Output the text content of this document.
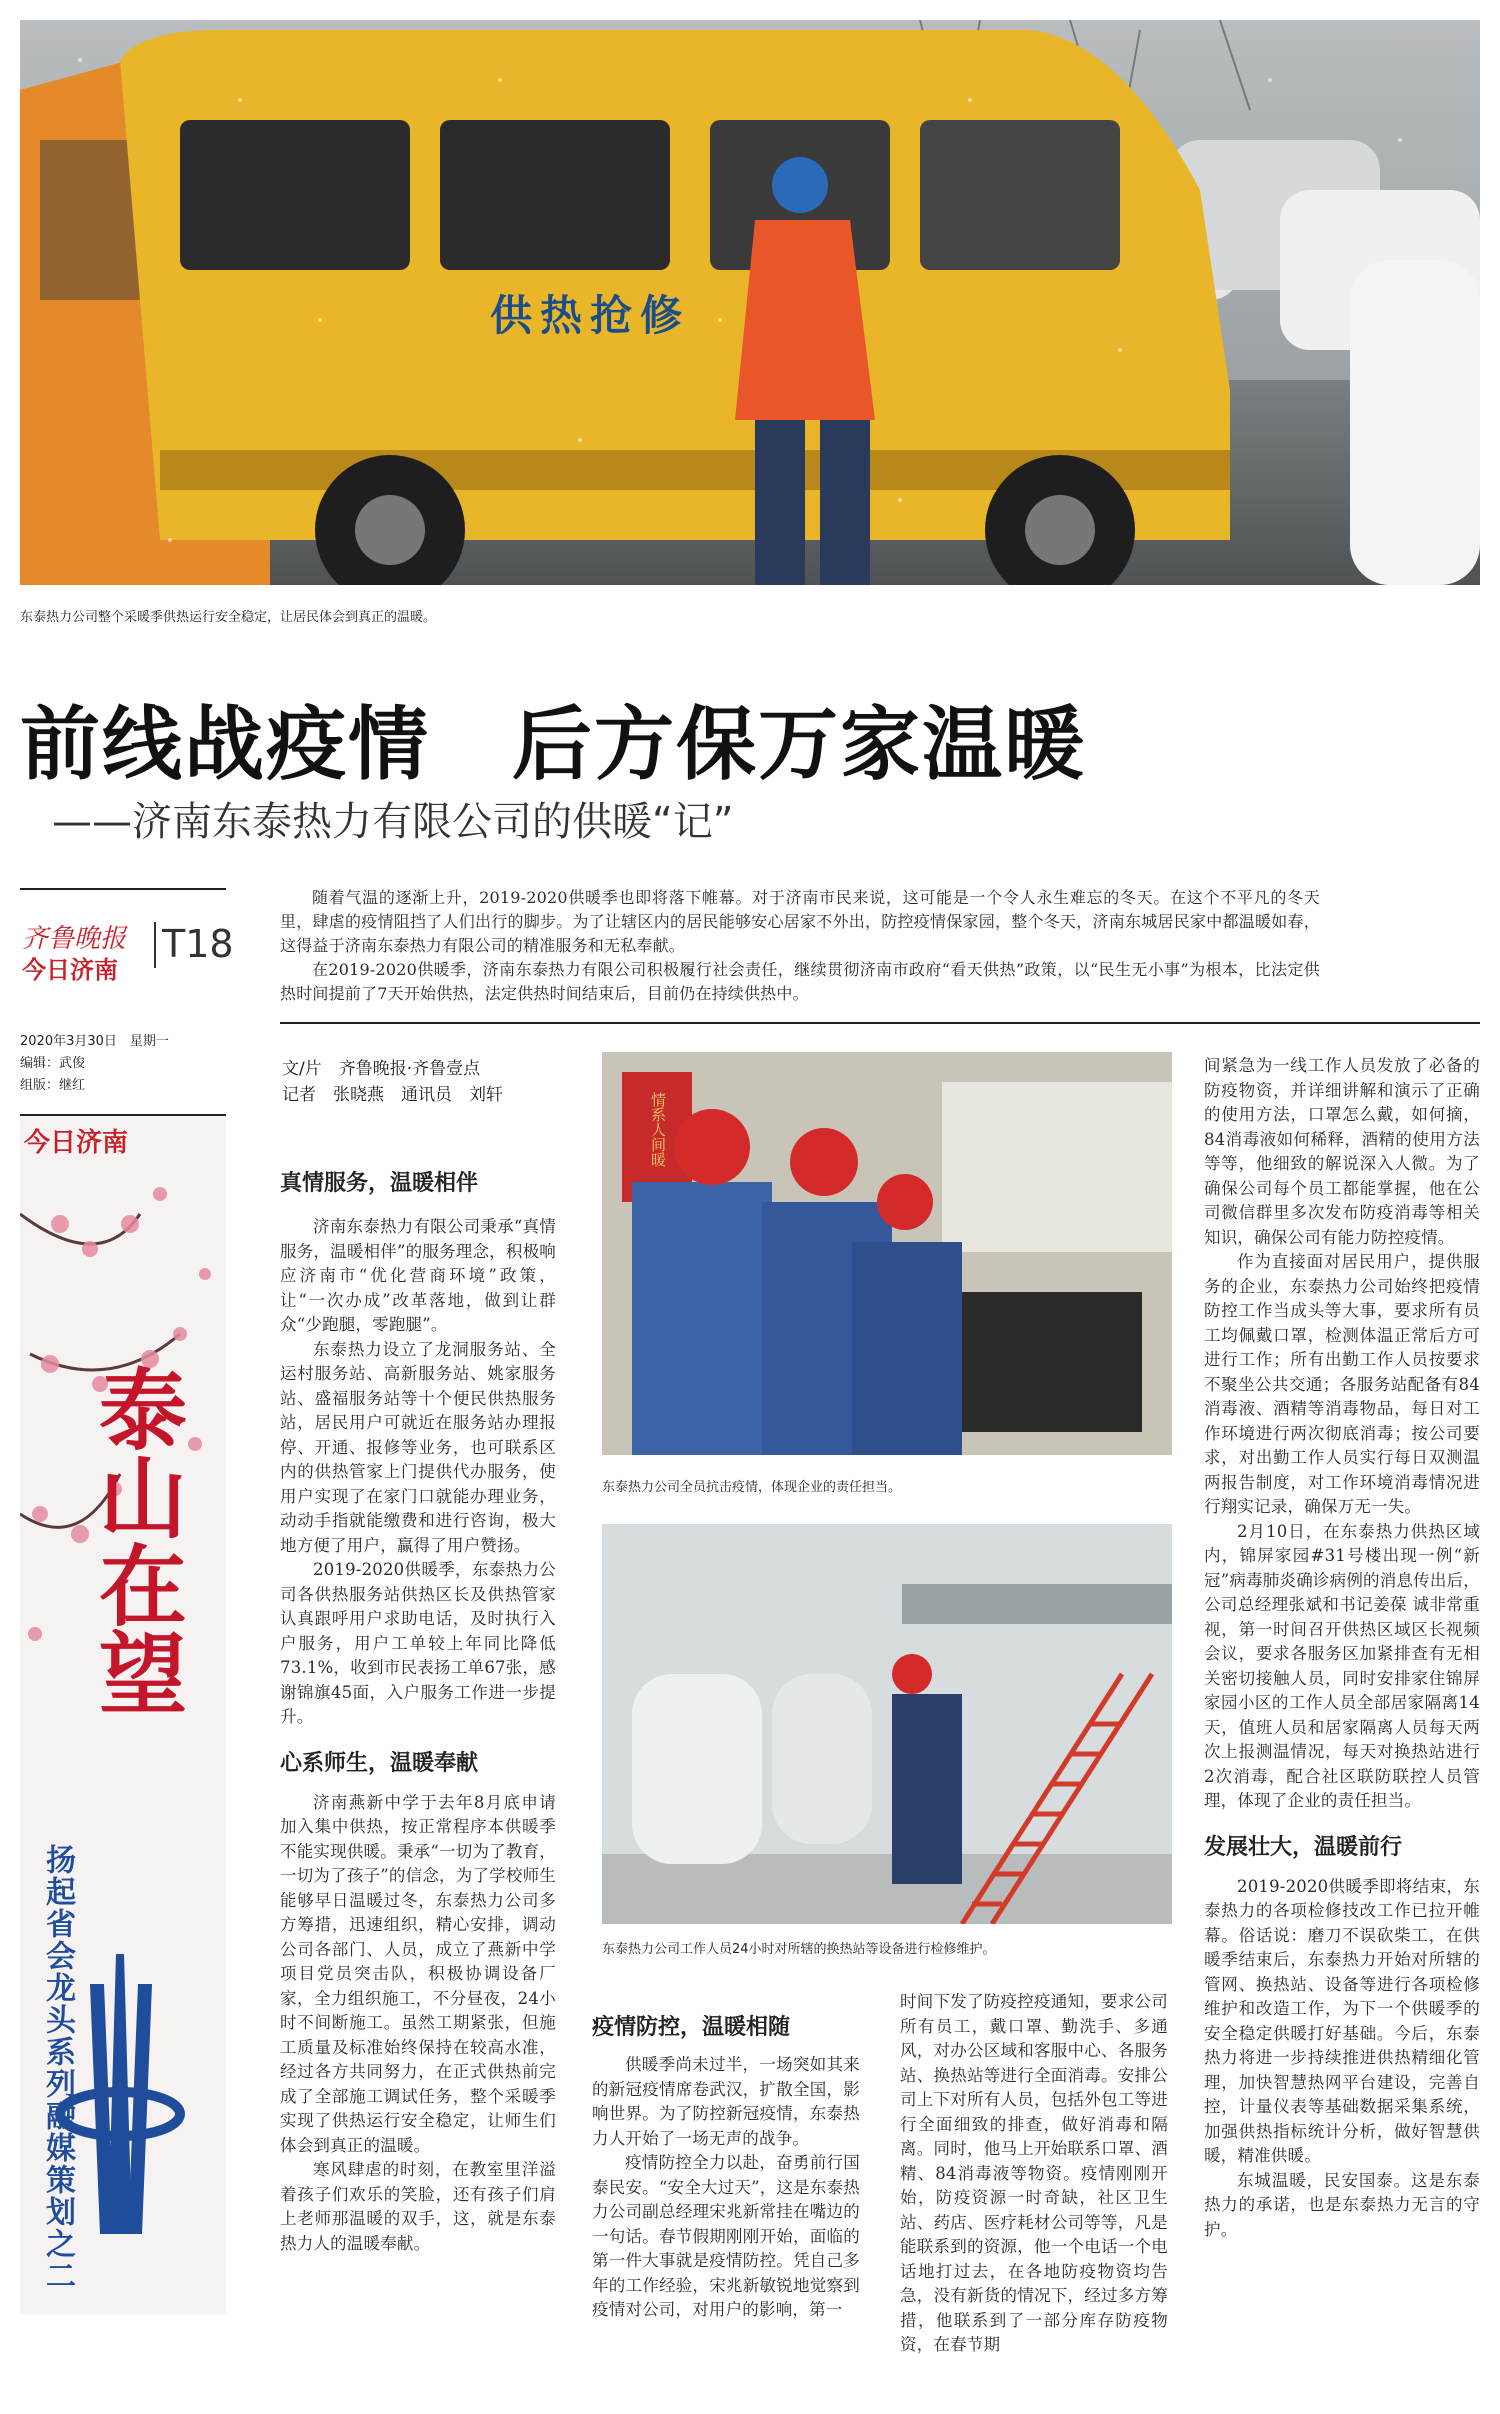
供热抢修
东泰热力公司整个采暖季供热运行安全稳定，让居民体会到真正的温暖。
前线战疫情　后方保万家温暖
——济南东泰热力有限公司的供暖“记”
齐鲁晚报
今日济南
T18
2020年3月30日　星期一
编辑：武俊
组版：继红
今日济南
泰山在望
扬起省会龙头系列融媒策划之二

随着气温的逐渐上升，2019-2020供暖季也即将落下帷幕。对于济南市民来说，这可能是一个令人永生难忘的冬天。在这个不平凡的冬天里，肆虐的疫情阻挡了人们出行的脚步。为了让辖区内的居民能够安心居家不外出，防控疫情保家园，整个冬天，济南东城居民家中都温暖如春，这得益于济南东泰热力有限公司的精准服务和无私奉献。

在2019-2020供暖季，济南东泰热力有限公司积极履行社会责任，继续贯彻济南市政府“看天供热”政策，以“民生无小事”为根本，比法定供热时间提前了7天开始供热，法定供热时间结束后，目前仍在持续供热中。

文/片　齐鲁晚报·齐鲁壹点
记者　张晓燕　通讯员　刘轩
真情服务，温暖相伴

济南东泰热力有限公司秉承“真情服务，温暖相伴”的服务理念，积极响应济南市“优化营商环境”政策，让“一次办成”改革落地，做到让群众“少跑腿，零跑腿”。

东泰热力设立了龙洞服务站、全运村服务站、高新服务站、姚家服务站、盛福服务站等十个便民供热服务站，居民用户可就近在服务站办理报停、开通、报修等业务，也可联系区内的供热管家上门提供代办服务，使用户实现了在家门口就能办理业务，动动手指就能缴费和进行咨询，极大地方便了用户，赢得了用户赞扬。

2019-2020供暖季，东泰热力公司各供热服务站供热区长及供热管家认真跟呼用户求助电话，及时执行入户服务，用户工单较上年同比降低73.1%，收到市民表扬工单67张，感谢锦旗45面，入户服务工作进一步提升。

心系师生，温暖奉献

济南燕新中学于去年8月底申请加入集中供热，按正常程序本供暖季不能实现供暖。秉承“一切为了教育，一切为了孩子”的信念，为了学校师生能够早日温暖过冬，东泰热力公司多方筹措，迅速组织，精心安排，调动公司各部门、人员，成立了燕新中学项目党员突击队，积极协调设备厂家，全力组织施工，不分昼夜，24小时不间断施工。虽然工期紧张，但施工质量及标准始终保持在较高水准，经过各方共同努力，在正式供热前完成了全部施工调试任务，整个采暖季实现了供热运行安全稳定，让师生们体会到真正的温暖。

寒风肆虐的时刻，在教室里洋溢着孩子们欢乐的笑脸，还有孩子们肩上老师那温暖的双手，这，就是东泰热力人的温暖奉献。

情系人间暖
东泰热力公司全员抗击疫情，体现企业的责任担当。
东泰热力公司工作人员24小时对所辖的换热站等设备进行检修维护。
疫情防控，温暖相随

供暖季尚未过半，一场突如其来的新冠疫情席卷武汉，扩散全国，影响世界。为了防控新冠疫情，东泰热力人开始了一场无声的战争。

疫情防控全力以赴，奋勇前行国泰民安。“安全大过天”，这是东泰热力公司副总经理宋兆新常挂在嘴边的一句话。春节假期刚刚开始，面临的第一件大事就是疫情防控。凭自己多年的工作经验，宋兆新敏锐地觉察到疫情对公司，对用户的影响，第一

时间下发了防疫控疫通知，要求公司所有员工，戴口罩、勤洗手、多通风，对办公区域和客服中心、各服务站、换热站等进行全面消毒。安排公司上下对所有人员，包括外包工等进行全面细致的排查，做好消毒和隔离。同时，他马上开始联系口罩、酒精、84消毒液等物资。疫情刚刚开始，防疫资源一时奇缺，社区卫生站、药店、医疗耗材公司等等，凡是能联系到的资源，他一个电话一个电话地打过去，在各地防疫物资均告急，没有新货的情况下，经过多方筹措，他联系到了一部分库存防疫物资，在春节期

间紧急为一线工作人员发放了必备的防疫物资，并详细讲解和演示了正确的使用方法，口罩怎么戴，如何摘，84消毒液如何稀释，酒精的使用方法等等，他细致的解说深入人微。为了确保公司每个员工都能掌握，他在公司微信群里多次发布防疫消毒等相关知识，确保公司有能力防控疫情。

作为直接面对居民用户，提供服务的企业，东泰热力公司始终把疫情防控工作当成头等大事，要求所有员工均佩戴口罩，检测体温正常后方可进行工作；所有出勤工作人员按要求不聚坐公共交通；各服务站配备有84消毒液、酒精等消毒物品，每日对工作环境进行两次彻底消毒；按公司要求，对出勤工作人员实行每日双测温两报告制度，对工作环境消毒情况进行翔实记录，确保万无一失。

2月10日，在东泰热力供热区域内，锦屏家园#31号楼出现一例“新冠”病毒肺炎确诊病例的消息传出后，公司总经理张斌和书记姜葆 诚非常重视，第一时间召开供热区域区长视频会议，要求各服务区加紧排查有无相关密切接触人员，同时安排家住锦屏家园小区的工作人员全部居家隔离14天，值班人员和居家隔离人员每天两次上报测温情况，每天对换热站进行2次消毒，配合社区联防联控人员管理，体现了企业的责任担当。

发展壮大，温暖前行

2019-2020供暖季即将结束，东泰热力的各项检修技改工作已拉开帷幕。俗话说：磨刀不误砍柴工，在供暖季结束后，东泰热力开始对所辖的管网、换热站、设备等进行各项检修维护和改造工作，为下一个供暖季的安全稳定供暖打好基础。今后，东泰热力将进一步持续推进供热精细化管理，加快智慧热网平台建设，完善自控，计量仪表等基础数据采集系统，加强供热指标统计分析，做好智慧供暖，精准供暖。

东城温暖，民安国泰。这是东泰热力的承诺，也是东泰热力无言的守护。
